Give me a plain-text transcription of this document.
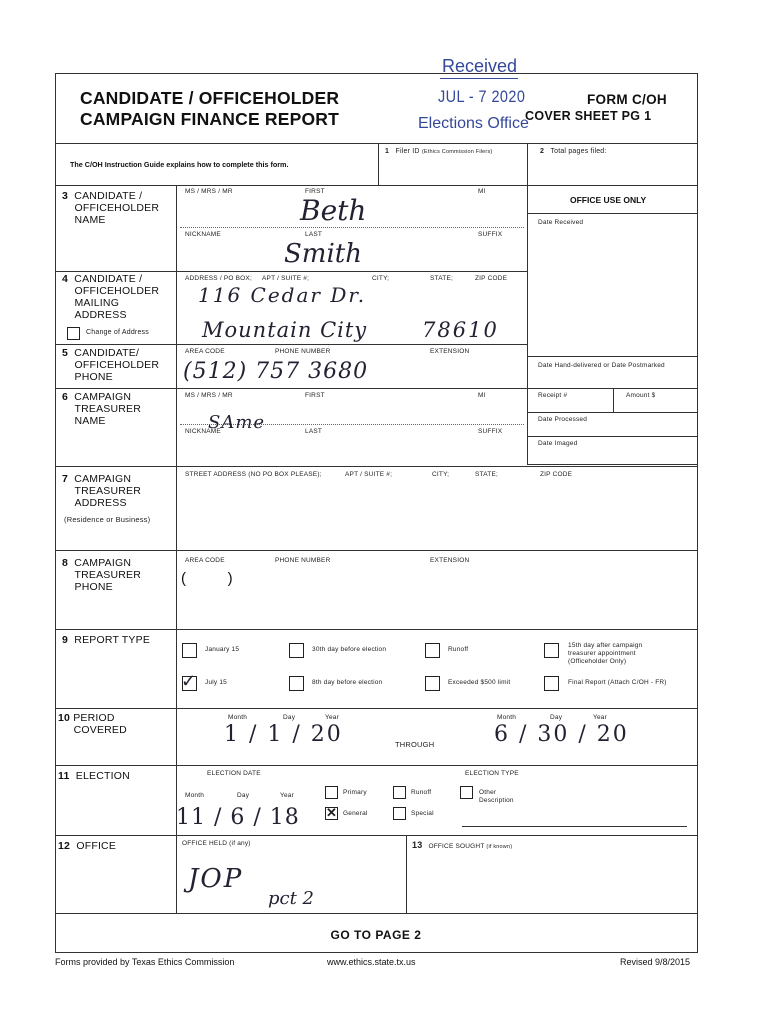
Received
JUL - 7 2020
Elections Office
CANDIDATE / OFFICEHOLDER
CAMPAIGN FINANCE REPORT
FORM C/OH
COVER SHEET PG 1
The C/OH Instruction Guide explains how to complete this form.
1 Filer ID (Ethics Commission Filers)	2 Total pages filed:
OFFICE USE ONLY
Date Received
Date Hand-delivered or Date Postmarked
Receipt #	Amount $
Date Processed
Date Imaged
3 CANDIDATE /
OFFICEHOLDER
NAME
MS / MRS / MR	FIRST	MI
Beth
NICKNAME	LAST	SUFFIX
Smith
4 CANDIDATE /
OFFICEHOLDER
MAILING
ADDRESS
Change of Address
ADDRESS / PO BOX; APT / SUITE #;	CITY;	STATE;	ZIP CODE
116 Cedar Dr.
Mountain City	78610
5 CANDIDATE/
OFFICEHOLDER
PHONE
AREA CODE	PHONE NUMBER	EXTENSION
(512) 757 3680
6 CAMPAIGN
TREASURER
NAME
MS / MRS / MR	FIRST	MI
NICKNAME	LAST	SUFFIX
SAme
7 CAMPAIGN
TREASURER
ADDRESS
(Residence or Business)
STREET ADDRESS (NO PO BOX PLEASE);	APT / SUITE #;	CITY;	STATE;	ZIP CODE
8 CAMPAIGN
TREASURER
PHONE
AREA CODE	PHONE NUMBER	EXTENSION
(          )
9 REPORT TYPE
January 15
✓ July 15
30th day before election
8th day before election
Runoff
Exceeded $500 limit
15th day after campaign
treasurer appointment
(Officeholder Only)
Final Report (Attach C/OH - FR)
10 PERIOD
COVERED
Month	Day	Year
1 / 1 / 20	THROUGH
Month	Day	Year
6 / 30 / 20
11 ELECTION	ELECTION DATE
Month	Day	Year
11 / 6 / 18
ELECTION TYPE
Primary
✕ General
Runoff
Special
Other
Description
12 OFFICE	OFFICE HELD (if any)
JOP
pct 2
13 OFFICE SOUGHT (if known)
GO TO PAGE 2
Forms provided by Texas Ethics Commission	www.ethics.state.tx.us	Revised 9/8/2015
